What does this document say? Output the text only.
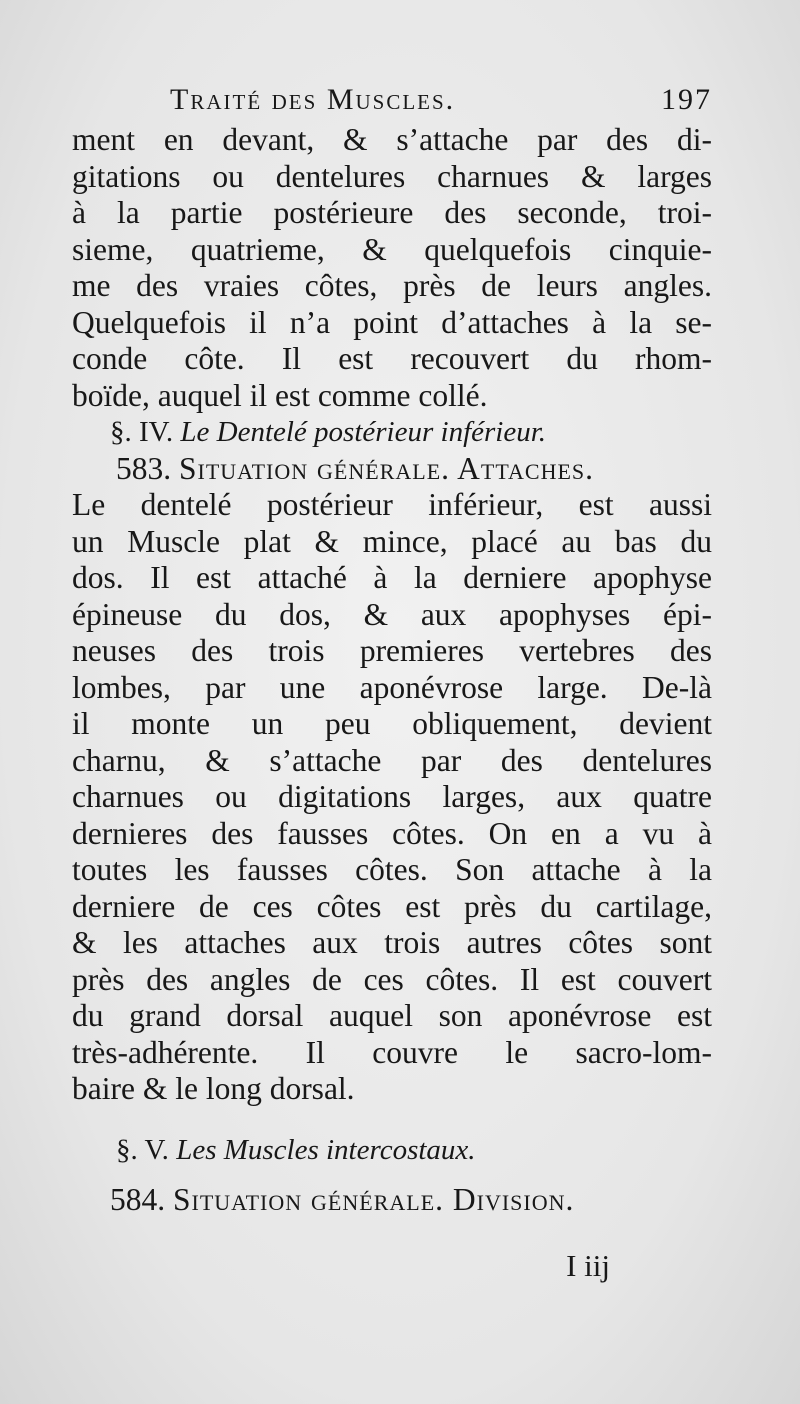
Traité des Muscles.	197
ment en devant, & s’attache par des di-
gitations ou dentelures charnues & larges
à la partie postérieure des seconde, troi-
sieme, quatrieme, & quelquefois cinquie-
me des vraies côtes, près de leurs angles.
Quelquefois il n’a point d’attaches à la se-
conde côte. Il est recouvert du rhom-
boïde, auquel il est comme collé.
§. IV. Le Dentelé postérieur inférieur.
583. Situation générale. Attaches.
Le dentelé postérieur inférieur, est aussi
un Muscle plat & mince, placé au bas du
dos. Il est attaché à la derniere apophyse
épineuse du dos, & aux apophyses épi-
neuses des trois premieres vertebres des
lombes, par une aponévrose large. De-là
il monte un peu obliquement, devient
charnu, & s’attache par des dentelures
charnues ou digitations larges, aux quatre
dernieres des fausses côtes. On en a vu à
toutes les fausses côtes. Son attache à la
derniere de ces côtes est près du cartilage,
& les attaches aux trois autres côtes sont
près des angles de ces côtes. Il est couvert
du grand dorsal auquel son aponévrose est
très-adhérente. Il couvre le sacro-lom-
baire & le long dorsal.
§. V. Les Muscles intercostaux.
584. Situation générale. Division.
I iij
